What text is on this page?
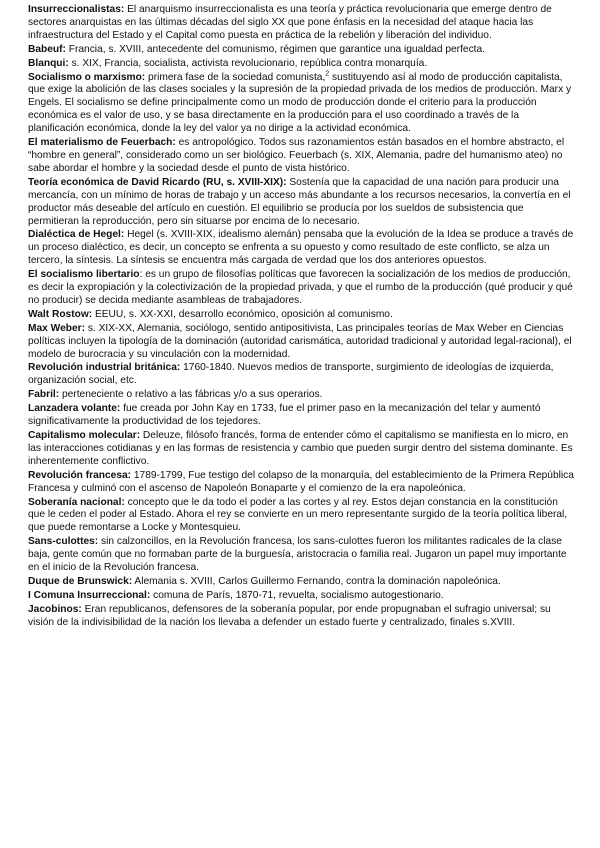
Insurreccionalistas: El anarquismo insurreccionalista es una teoría y práctica revolucionaria que emerge dentro de sectores anarquistas en las últimas décadas del siglo XX que pone énfasis en la necesidad del ataque hacia las infraestructura del Estado y el Capital como puesta en práctica de la rebelión y liberación del individuo.

Babeuf: Francia, s. XVIII, antecedente del comunismo, régimen que garantice una igualdad perfecta.

Blanqui: s. XIX, Francia, socialista, activista revolucionario, república contra monarquía.

Socialismo o marxismo: primera fase de la sociedad comunista,$^2$ sustituyendo así al modo de producción capitalista, que exige la abolición de las clases sociales y la supresión de la propiedad privada de los medios de producción. Marx y Engels. El socialismo se define principalmente como un modo de producción donde el criterio para la producción económica es el valor de uso, y se basa directamente en la producción para el uso coordinado a través de la planificación económica, donde la ley del valor ya no dirige a la actividad económica.

El materialismo de Feuerbach: es antropológico. Todos sus razonamientos están basados en el hombre abstracto, el “hombre en general”, considerado como un ser biológico. Feuerbach (s. XIX, Alemania, padre del humanismo ateo) no sabe abordar el hombre y la sociedad desde el punto de vista histórico.

Teoría económica de David Ricardo (RU, s. XVIII-XIX): Sostenía que la capacidad de una nación para producir una mercancía, con un mínimo de horas de trabajo y un acceso más abundante a los recursos necesarios, la convertía en el productor más deseable del artículo en cuestión. El equilibrio se producía por los sueldos de subsistencia que permitieran la reproducción, pero sin situarse por encima de lo necesario.

Dialéctica de Hegel: Hegel (s. XVIII-XIX, idealismo alemán) pensaba que la evolución de la Idea se produce a través de un proceso dialéctico, es decir, un concepto se enfrenta a su opuesto y como resultado de este conflicto, se alza un tercero, la síntesis. La síntesis se encuentra más cargada de verdad que los dos anteriores opuestos.

El socialismo libertario: es un grupo de filosofías políticas que favorecen la socialización de los medios de producción, es decir la expropiación y la colectivización de la propiedad privada, y que el rumbo de la producción (qué producir y qué no producir) se decida mediante asambleas de trabajadores.

Walt Rostow: EEUU, s. XX-XXI, desarrollo económico, oposición al comunismo.

Max Weber: s. XIX-XX, Alemania, sociólogo, sentido antipositivista, Las principales teorías de Max Weber en Ciencias políticas incluyen la tipología de la dominación (autoridad carismática, autoridad tradicional y autoridad legal-racional), el modelo de burocracia y su vinculación con la modernidad.

Revolución industrial británica: 1760-1840. Nuevos medios de transporte, surgimiento de ideologías de izquierda, organización social, etc.

Fabril: perteneciente o relativo a las fábricas y/o a sus operarios.

Lanzadera volante: fue creada por John Kay en 1733, fue el primer paso en la mecanización del telar y aumentó significativamente la productividad de los tejedores.

Capitalismo molecular: Deleuze, filósofo francés, forma de entender cómo el capitalismo se manifiesta en lo micro, en las interacciones cotidianas y en las formas de resistencia y cambio que pueden surgir dentro del sistema dominante. Es inherentemente conflictivo.

Revolución francesa: 1789-1799, Fue testigo del colapso de la monarquía, del establecimiento de la Primera República Francesa y culminó con el ascenso de Napoleón Bonaparte y el comienzo de la era napoleónica.

Soberanía nacional: concepto que le da todo el poder a las cortes y al rey. Estos dejan constancia en la constitución que le ceden el poder al Estado. Ahora el rey se convierte en un mero representante surgido de la teoría política liberal, que puede remontarse a Locke y Montesquieu.

Sans-culottes: sin calzoncillos, en la Revolución francesa, los sans-culottes fueron los militantes radicales de la clase baja, gente común que no formaban parte de la burguesía, aristocracia o familia real. Jugaron un papel muy importante en el inicio de la Revolución francesa.

Duque de Brunswick: Alemania s. XVIII, Carlos Guillermo Fernando, contra la dominación napoleónica.

I Comuna Insurreccional: comuna de París, 1870-71, revuelta, socialismo autogestionario.

Jacobinos: Eran republicanos, defensores de la soberanía popular, por ende propugnaban el sufragio universal; su visión de la indivisibilidad de la nación los llevaba a defender un estado fuerte y centralizado, finales s.XVIII.
